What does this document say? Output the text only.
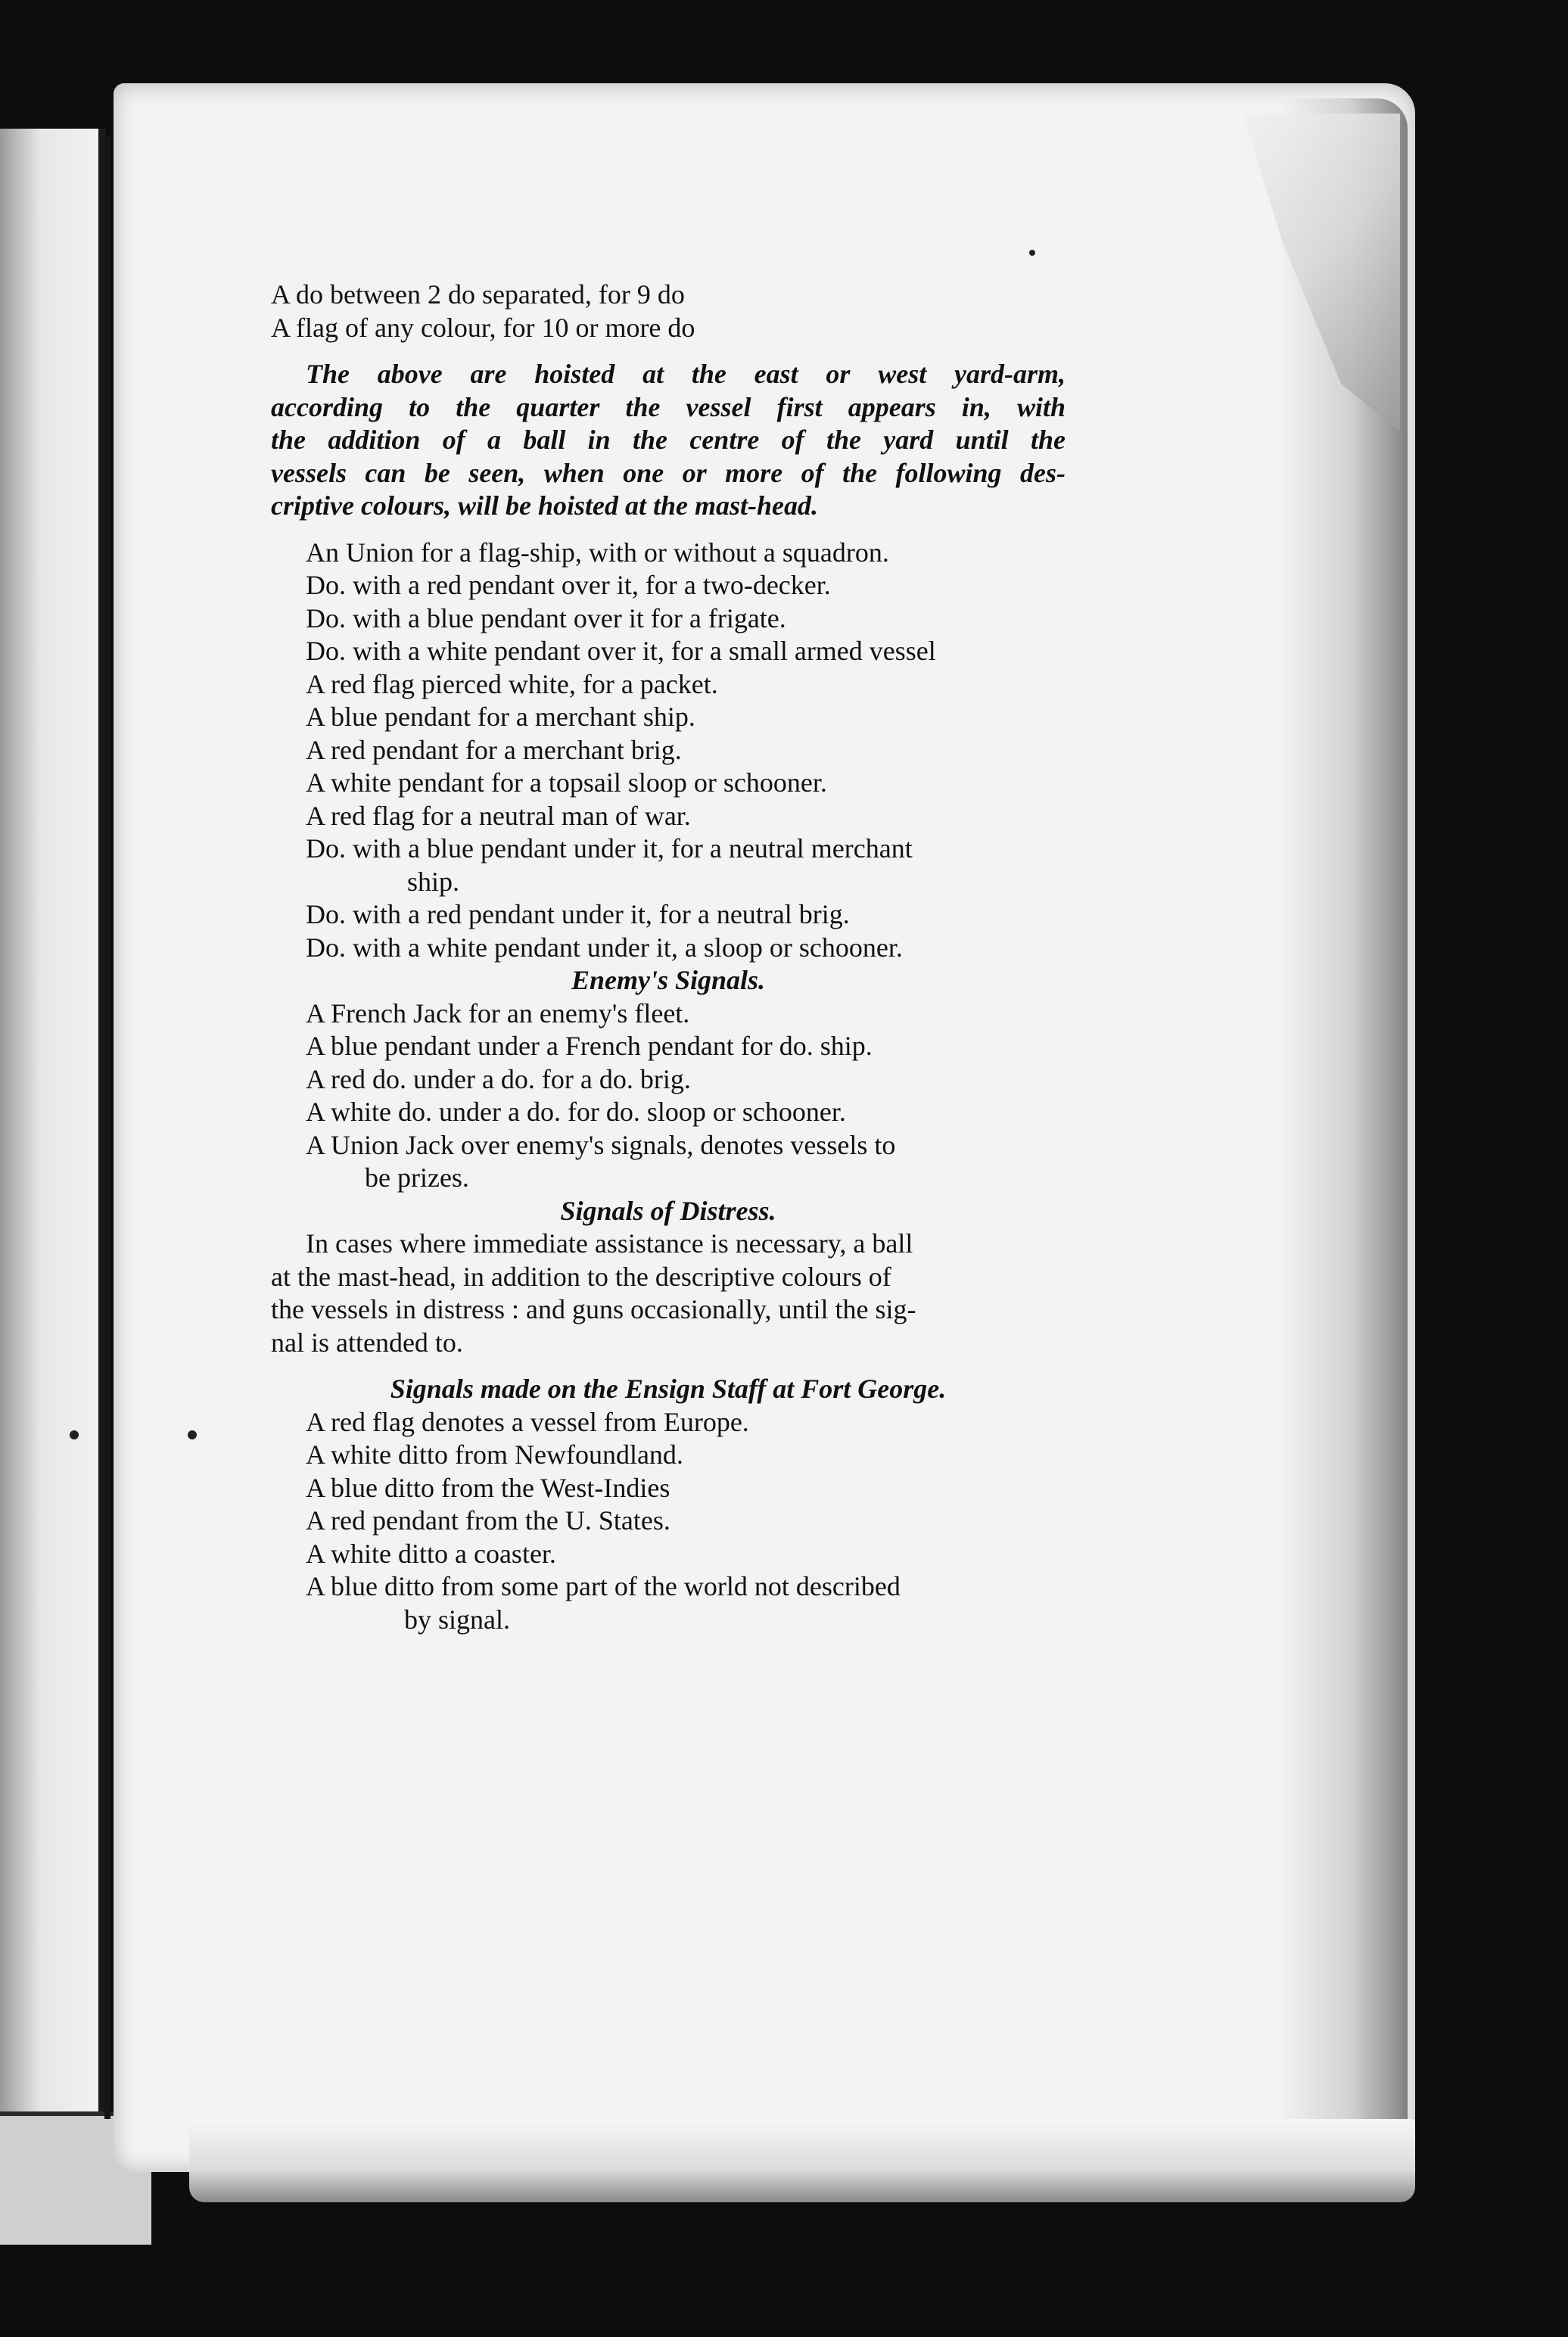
A do between 2 do separated, for 9 do
A flag of any colour, for 10 or more do
The above are hoisted at the east or west yard-arm,
according to the quarter the vessel first appears in, with
the addition of a ball in the centre of the yard until the
vessels can be seen, when one or more of the following des-
criptive colours, will be hoisted at the mast-head.
An Union for a flag-ship, with or without a squadron.
Do. with a red pendant over it, for a two-decker.
Do. with a blue pendant over it for a frigate.
Do. with a white pendant over it, for a small armed vessel
A red flag pierced white, for a packet.
A blue pendant for a merchant ship.
A red pendant for a merchant brig.
A white pendant for a topsail sloop or schooner.
A red flag for a neutral man of war.
Do. with a blue pendant under it, for a neutral merchant
ship.
Do. with a red pendant under it, for a neutral brig.
Do. with a white pendant under it, a sloop or schooner.
Enemy's Signals.
A French Jack for an enemy's fleet.
A blue pendant under a French pendant for do. ship.
A red do. under a do. for a do. brig.
A white do. under a do. for do. sloop or schooner.
A Union Jack over enemy's signals, denotes vessels to
be prizes.
Signals of Distress.
In cases where immediate assistance is necessary, a ball
at the mast-head, in addition to the descriptive colours of
the vessels in distress : and guns occasionally, until the sig-
nal is attended to.
Signals made on the Ensign Staff at Fort George.
A red flag denotes a vessel from Europe.
A white ditto from Newfoundland.
A blue ditto from the West-Indies
A red pendant from the U. States.
A white ditto a coaster.
A blue ditto from some part of the world not described
by signal.
